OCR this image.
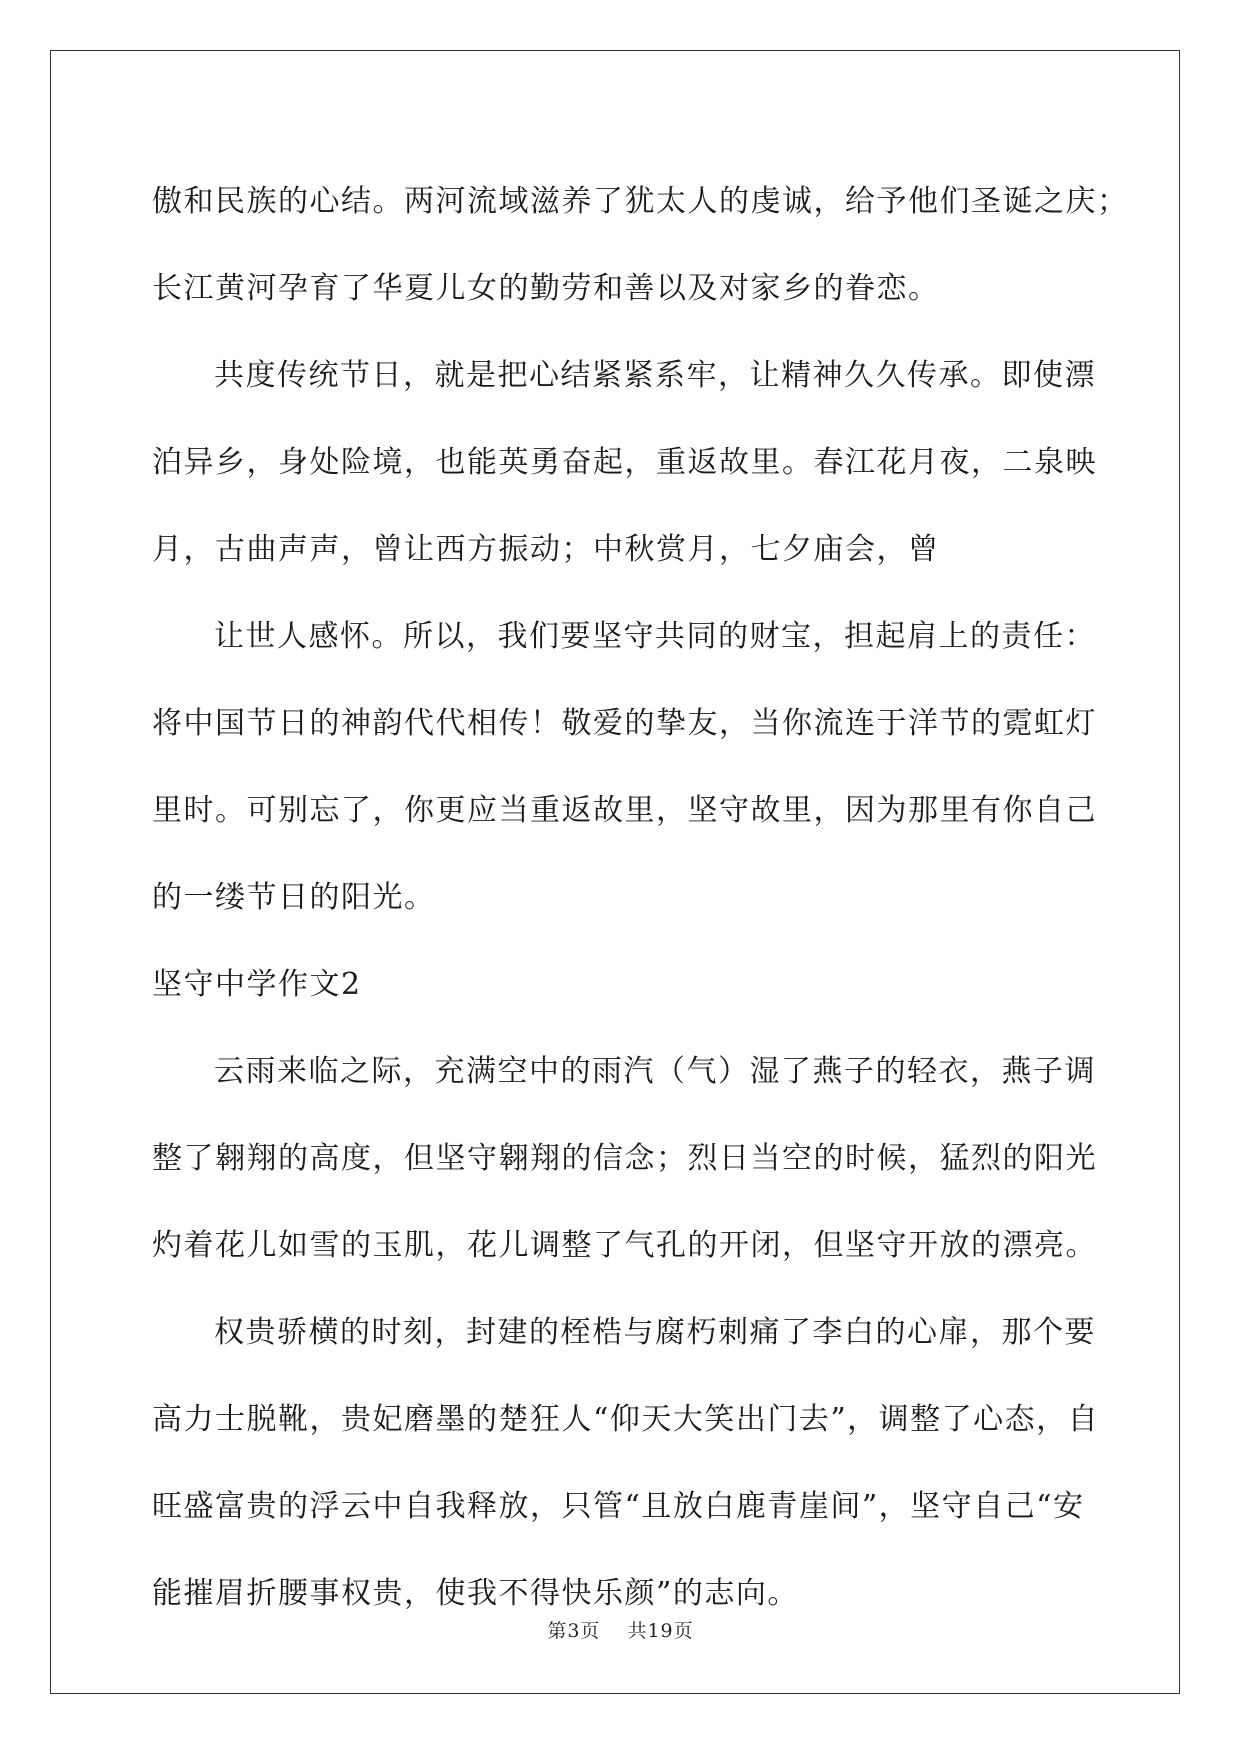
傲和民族的心结。两河流域滋养了犹太人的虔诚，给予他们圣诞之庆；

长江黄河孕育了华夏儿女的勤劳和善以及对家乡的眷恋。

共度传统节日，就是把心结紧紧系牢，让精神久久传承。即使漂

泊异乡，身处险境，也能英勇奋起，重返故里。春江花月夜，二泉映

月，古曲声声，曾让西方振动；中秋赏月，七夕庙会，曾

让世人感怀。所以，我们要坚守共同的财宝，担起肩上的责任：

将中国节日的神韵代代相传！敬爱的挚友，当你流连于洋节的霓虹灯

里时。可别忘了，你更应当重返故里，坚守故里，因为那里有你自己

的一缕节日的阳光。

坚守中学作文2

云雨来临之际，充满空中的雨汽（气）湿了燕子的轻衣，燕子调

整了翱翔的高度，但坚守翱翔的信念；烈日当空的时候，猛烈的阳光

灼着花儿如雪的玉肌，花儿调整了气孔的开闭，但坚守开放的漂亮。

权贵骄横的时刻，封建的桎梏与腐朽刺痛了李白的心扉，那个要

高力士脱靴，贵妃磨墨的楚狂人“仰天大笑出门去”，调整了心态，自

旺盛富贵的浮云中自我释放，只管“且放白鹿青崖间”，坚守自己“安

能摧眉折腰事权贵，使我不得快乐颜”的志向。

第3页 共19页
